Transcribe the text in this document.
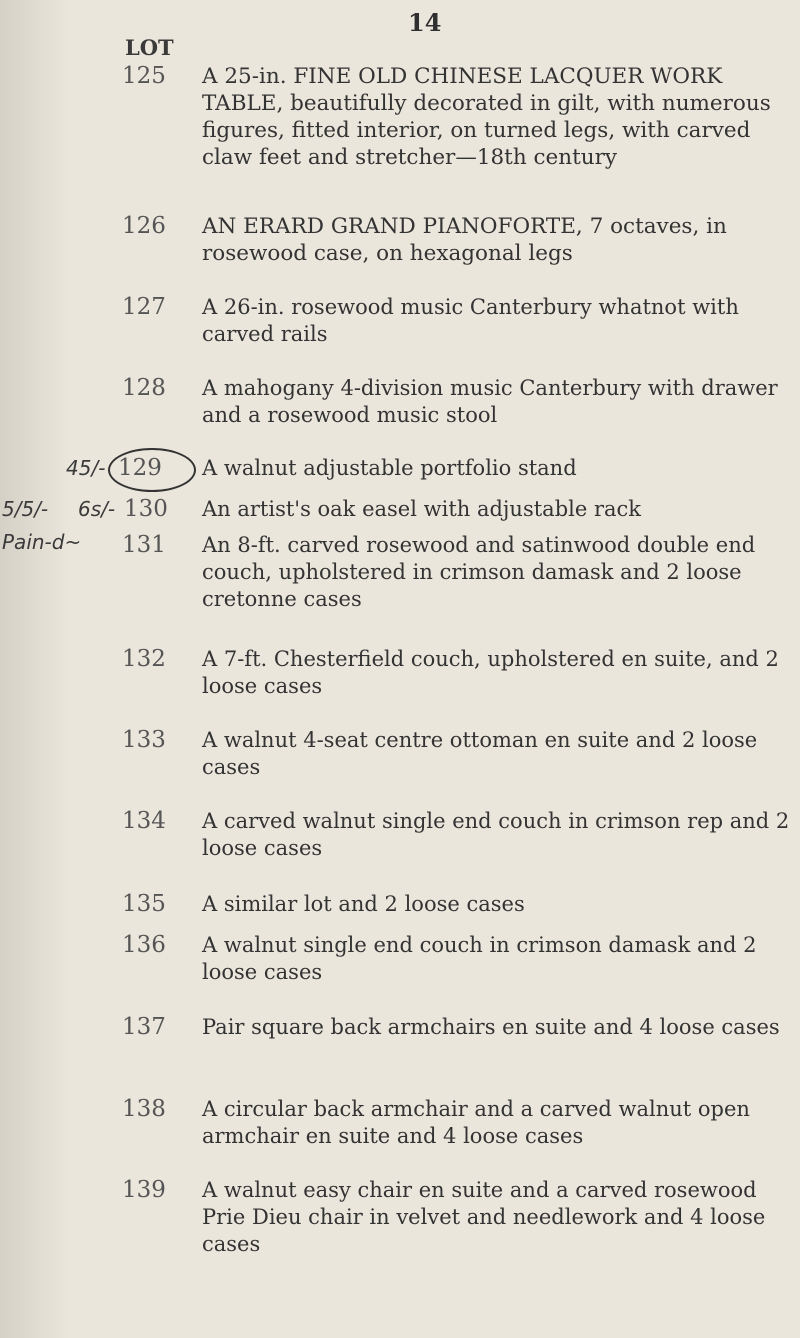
14
LOT
125 A 25-in. FINE OLD CHINESE LACQUER WORK TABLE, beautifully decorated in gilt, with numerous figures, fitted interior, on turned legs, with carved claw feet and stretcher—18th century
126 AN ERARD GRAND PIANOFORTE, 7 octaves, in rosewood case, on hexagonal legs
127 A 26-in. rosewood music Canterbury whatnot with carved rails
128 A mahogany 4-division music Canterbury with drawer and a rosewood music stool
129 A walnut adjustable portfolio stand
45/-
130 An artist's oak easel with adjustable rack
6s/-
131 An 8-ft. carved rosewood and satinwood double end couch, upholstered in crimson damask and 2 loose cretonne cases
5/5/-
Pain-d~
132 A 7-ft. Chesterfield couch, upholstered en suite, and 2 loose cases
133 A walnut 4-seat centre ottoman en suite and 2 loose cases
134 A carved walnut single end couch in crimson rep and 2 loose cases
135 A similar lot and 2 loose cases
136 A walnut single end couch in crimson damask and 2 loose cases
137 Pair square back armchairs en suite and 4 loose cases
138 A circular back armchair and a carved walnut open armchair en suite and 4 loose cases
139 A walnut easy chair en suite and a carved rosewood Prie Dieu chair in velvet and needlework and 4 loose cases
